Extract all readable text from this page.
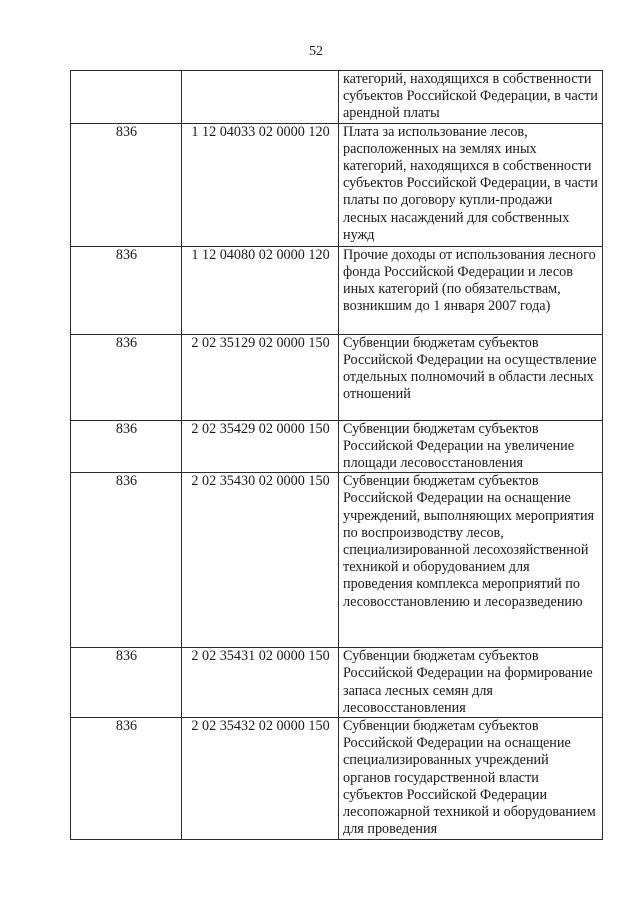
52
		категорий, находящихся в собственности субъектов Российской Федерации, в части арендной платы
836	1 12 04033 02 0000 120	Плата за использование лесов, расположенных на землях иных категорий, находящихся в собственности субъектов Российской Федерации, в части платы по договору купли-продажи лесных насаждений для собственных нужд
836	1 12 04080 02 0000 120	Прочие доходы от использования лесного фонда Российской Федерации и лесов иных категорий (по обязательствам, возникшим до 1 января 2007 года)
836	2 02 35129 02 0000 150	Субвенции бюджетам субъектов Российской Федерации на осуществление отдельных полномочий в области лесных отношений
836	2 02 35429 02 0000 150	Субвенции бюджетам субъектов Российской Федерации на увеличение площади лесовосстановления
836	2 02 35430 02 0000 150	Субвенции бюджетам субъектов Российской Федерации на оснащение учреждений, выполняющих мероприятия по воспроизводству лесов, специализированной лесохозяйственной техникой и оборудованием для проведения комплекса мероприятий по лесовосстановлению и лесоразведению
836	2 02 35431 02 0000 150	Субвенции бюджетам субъектов Российской Федерации на формирование запаса лесных семян для лесовосстановления
836	2 02 35432 02 0000 150	Субвенции бюджетам субъектов Российской Федерации на оснащение специализированных учреждений органов государственной власти субъектов Российской Федерации лесопожарной техникой и оборудованием для проведения
